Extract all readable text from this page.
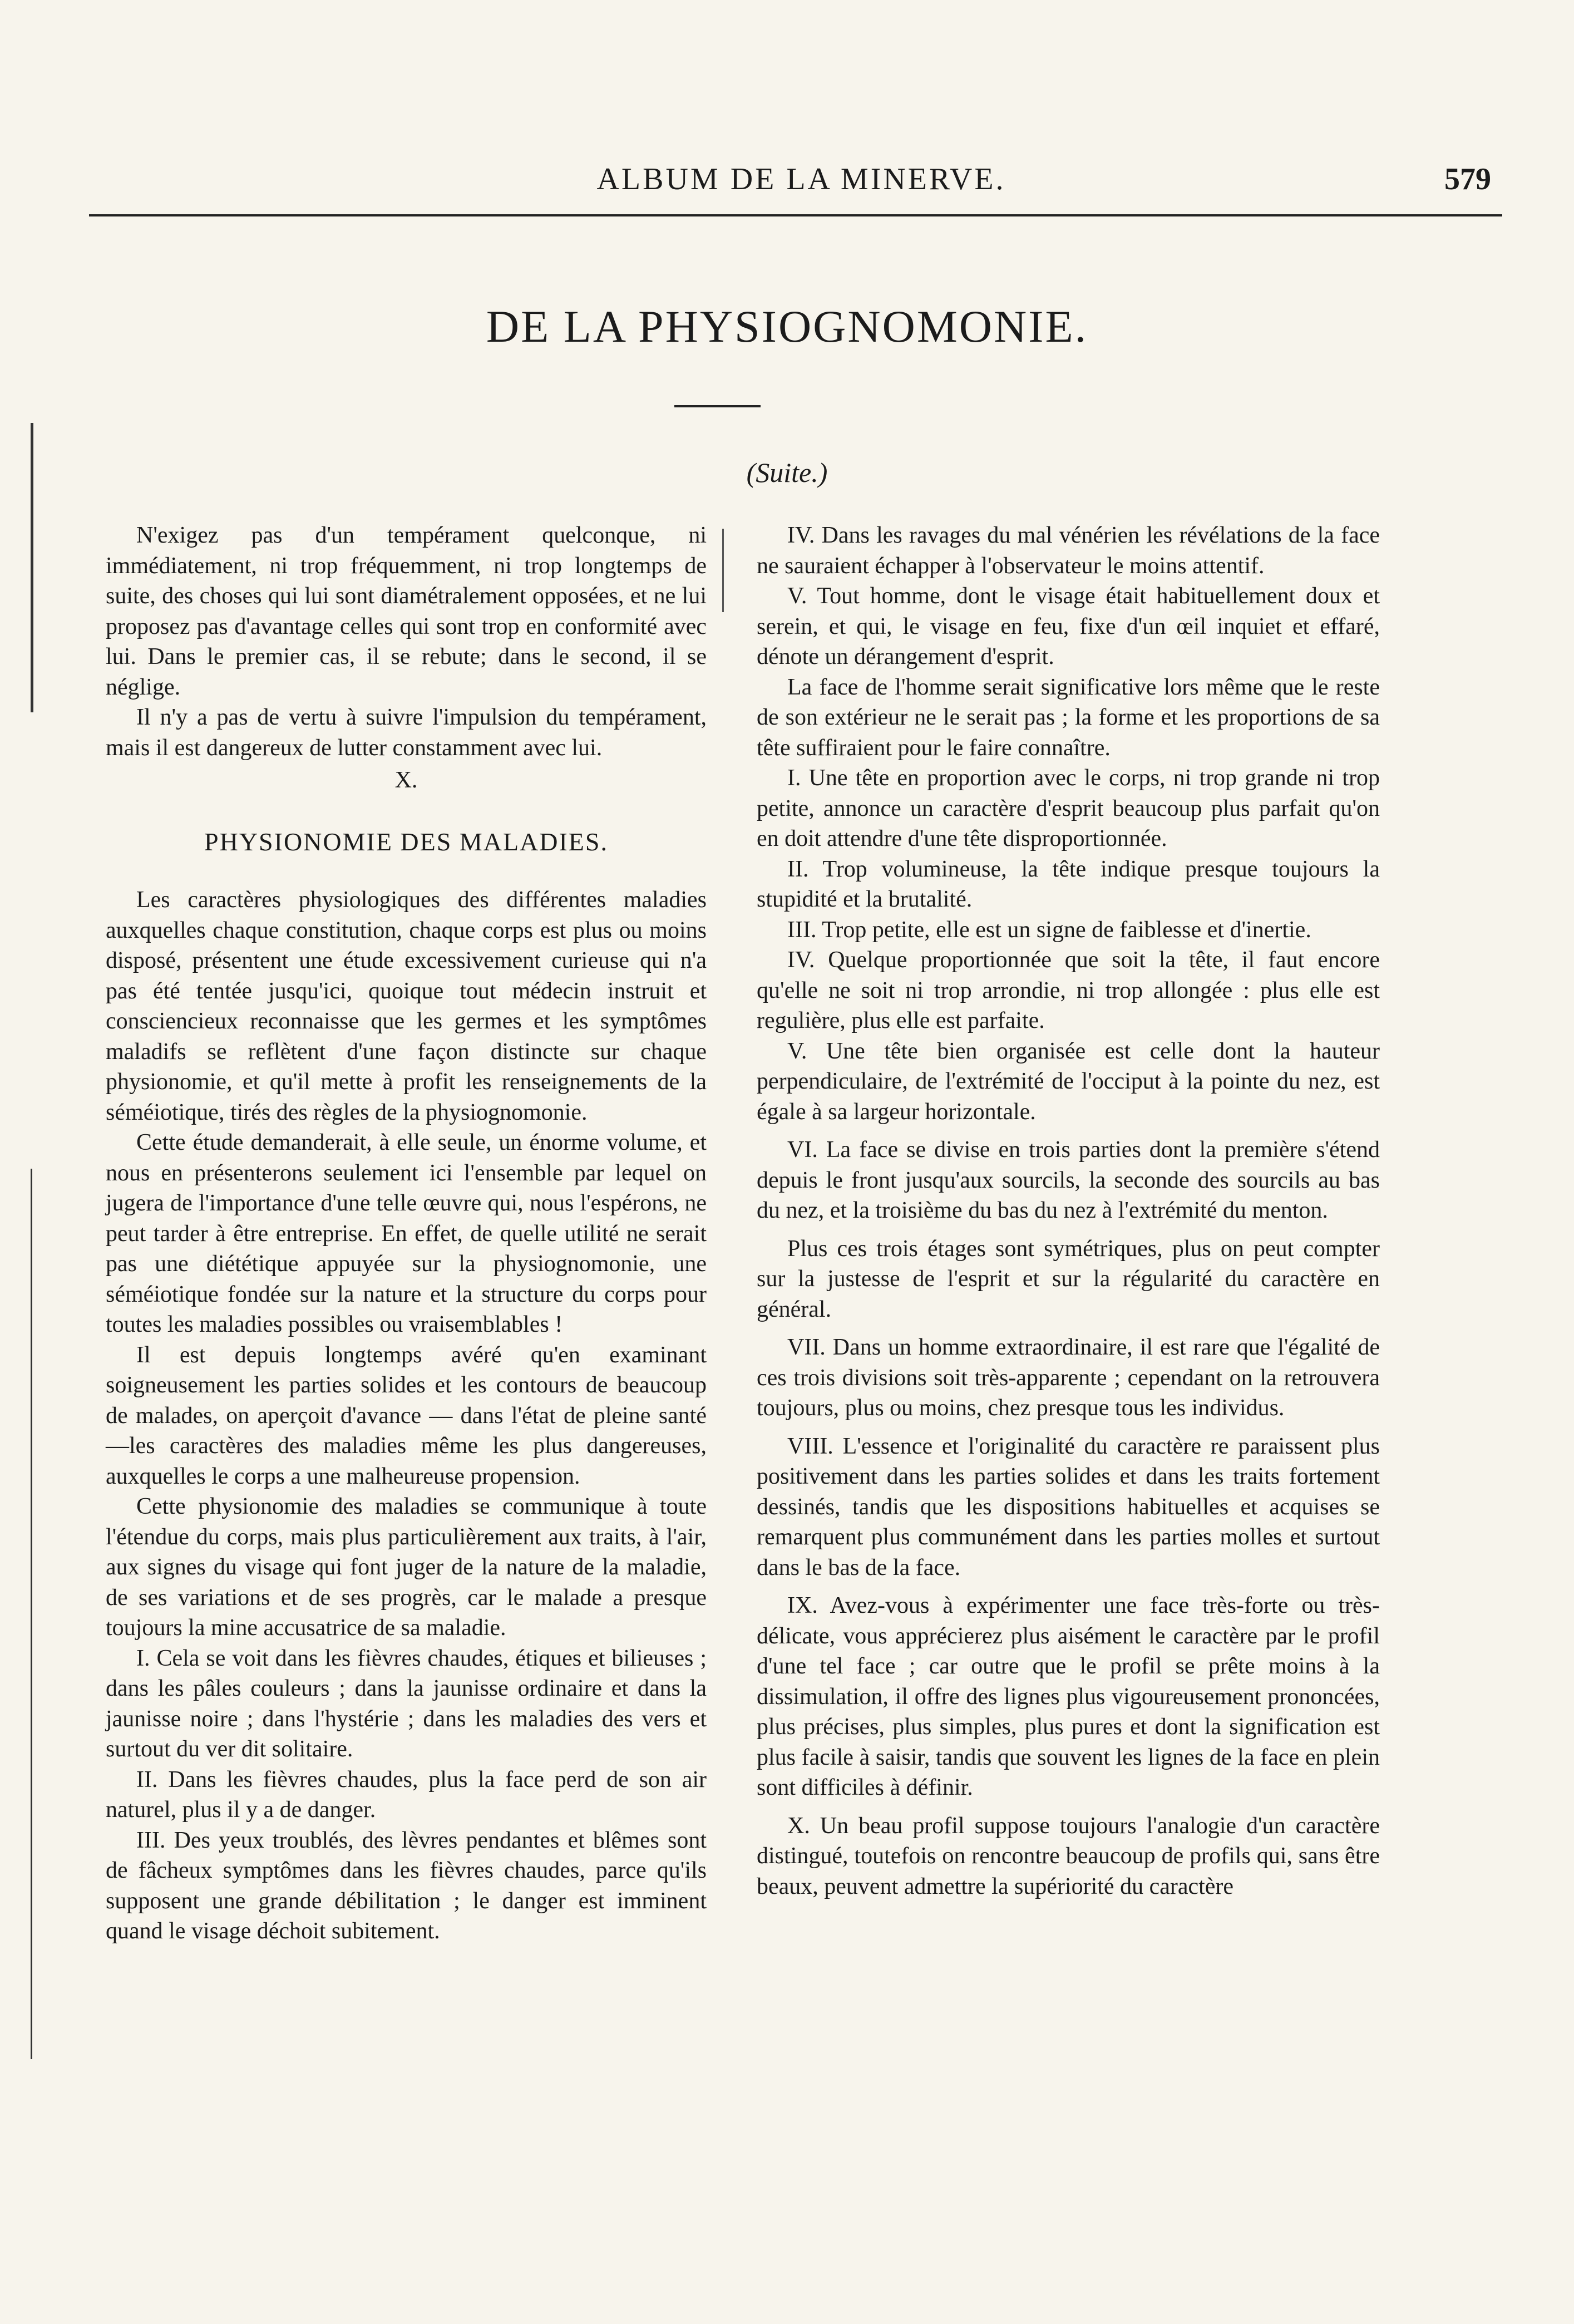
ALBUM DE LA MINERVE.	579
DE LA PHYSIOGNOMONIE.
(Suite.)

N'exigez pas d'un tempérament quelconque, ni immédiatement, ni trop fréquemment, ni trop longtemps de suite, des choses qui lui sont diamétralement opposées, et ne lui proposez pas d'avantage celles qui sont trop en conformité avec lui. Dans le premier cas, il se rebute; dans le second, il se néglige.

Il n'y a pas de vertu à suivre l'impulsion du tempérament, mais il est dangereux de lutter constamment avec lui.

X.

PHYSIONOMIE DES MALADIES.

Les caractères physiologiques des différentes maladies auxquelles chaque constitution, chaque corps est plus ou moins disposé, présentent une étude excessivement curieuse qui n'a pas été tentée jusqu'ici, quoique tout médecin instruit et consciencieux reconnaisse que les germes et les symptômes maladifs se reflètent d'une façon distincte sur chaque physionomie, et qu'il mette à profit les renseignements de la séméiotique, tirés des règles de la physiognomonie.

Cette étude demanderait, à elle seule, un énorme volume, et nous en présenterons seulement ici l'ensemble par lequel on jugera de l'importance d'une telle œuvre qui, nous l'espérons, ne peut tarder à être entreprise. En effet, de quelle utilité ne serait pas une diététique appuyée sur la physiognomonie, une séméiotique fondée sur la nature et la structure du corps pour toutes les maladies possibles ou vraisemblables !

Il est depuis longtemps avéré qu'en examinant soigneusement les parties solides et les contours de beaucoup de malades, on aperçoit d'avance — dans l'état de pleine santé—les caractères des maladies même les plus dangereuses, auxquelles le corps a une malheureuse propension.

Cette physionomie des maladies se communique à toute l'étendue du corps, mais plus particulièrement aux traits, à l'air, aux signes du visage qui font juger de la nature de la maladie, de ses variations et de ses progrès, car le malade a presque toujours la mine accusatrice de sa maladie.

I. Cela se voit dans les fièvres chaudes, étiques et bilieuses ; dans les pâles couleurs ; dans la jaunisse ordinaire et dans la jaunisse noire ; dans l'hystérie ; dans les maladies des vers et surtout du ver dit solitaire.

II. Dans les fièvres chaudes, plus la face perd de son air naturel, plus il y a de danger.

III. Des yeux troublés, des lèvres pendantes et blêmes sont de fâcheux symptômes dans les fièvres chaudes, parce qu'ils supposent une grande débilitation ; le danger est imminent quand le visage déchoit subitement.

IV. Dans les ravages du mal vénérien les révélations de la face ne sauraient échapper à l'observateur le moins attentif.

V. Tout homme, dont le visage était habituellement doux et serein, et qui, le visage en feu, fixe d'un œil inquiet et effaré, dénote un dérangement d'esprit.

La face de l'homme serait significative lors même que le reste de son extérieur ne le serait pas ; la forme et les proportions de sa tête suffiraient pour le faire connaître.

I. Une tête en proportion avec le corps, ni trop grande ni trop petite, annonce un caractère d'esprit beaucoup plus parfait qu'on en doit attendre d'une tête disproportionnée.

II. Trop volumineuse, la tête indique presque toujours la stupidité et la brutalité.

III. Trop petite, elle est un signe de faiblesse et d'inertie.

IV. Quelque proportionnée que soit la tête, il faut encore qu'elle ne soit ni trop arrondie, ni trop allongée : plus elle est regulière, plus elle est parfaite.

V. Une tête bien organisée est celle dont la hauteur perpendiculaire, de l'extrémité de l'occiput à la pointe du nez, est égale à sa largeur horizontale.

VI. La face se divise en trois parties dont la première s'étend depuis le front jusqu'aux sourcils, la seconde des sourcils au bas du nez, et la troisième du bas du nez à l'extrémité du menton.

Plus ces trois étages sont symétriques, plus on peut compter sur la justesse de l'esprit et sur la régularité du caractère en général.

VII. Dans un homme extraordinaire, il est rare que l'égalité de ces trois divisions soit très-apparente ; cependant on la retrouvera toujours, plus ou moins, chez presque tous les individus.

VIII. L'essence et l'originalité du caractère re paraissent plus positivement dans les parties solides et dans les traits fortement dessinés, tandis que les dispositions habituelles et acquises se remarquent plus communément dans les parties molles et surtout dans le bas de la face.

IX. Avez-vous à expérimenter une face très-forte ou très-délicate, vous apprécierez plus aisément le caractère par le profil d'une tel face ; car outre que le profil se prête moins à la dissimulation, il offre des lignes plus vigoureusement prononcées, plus précises, plus simples, plus pures et dont la signification est plus facile à saisir, tandis que souvent les lignes de la face en plein sont difficiles à définir.

X. Un beau profil suppose toujours l'analogie d'un caractère distingué, toutefois on rencontre beaucoup de profils qui, sans être beaux, peuvent admettre la supériorité du caractère
